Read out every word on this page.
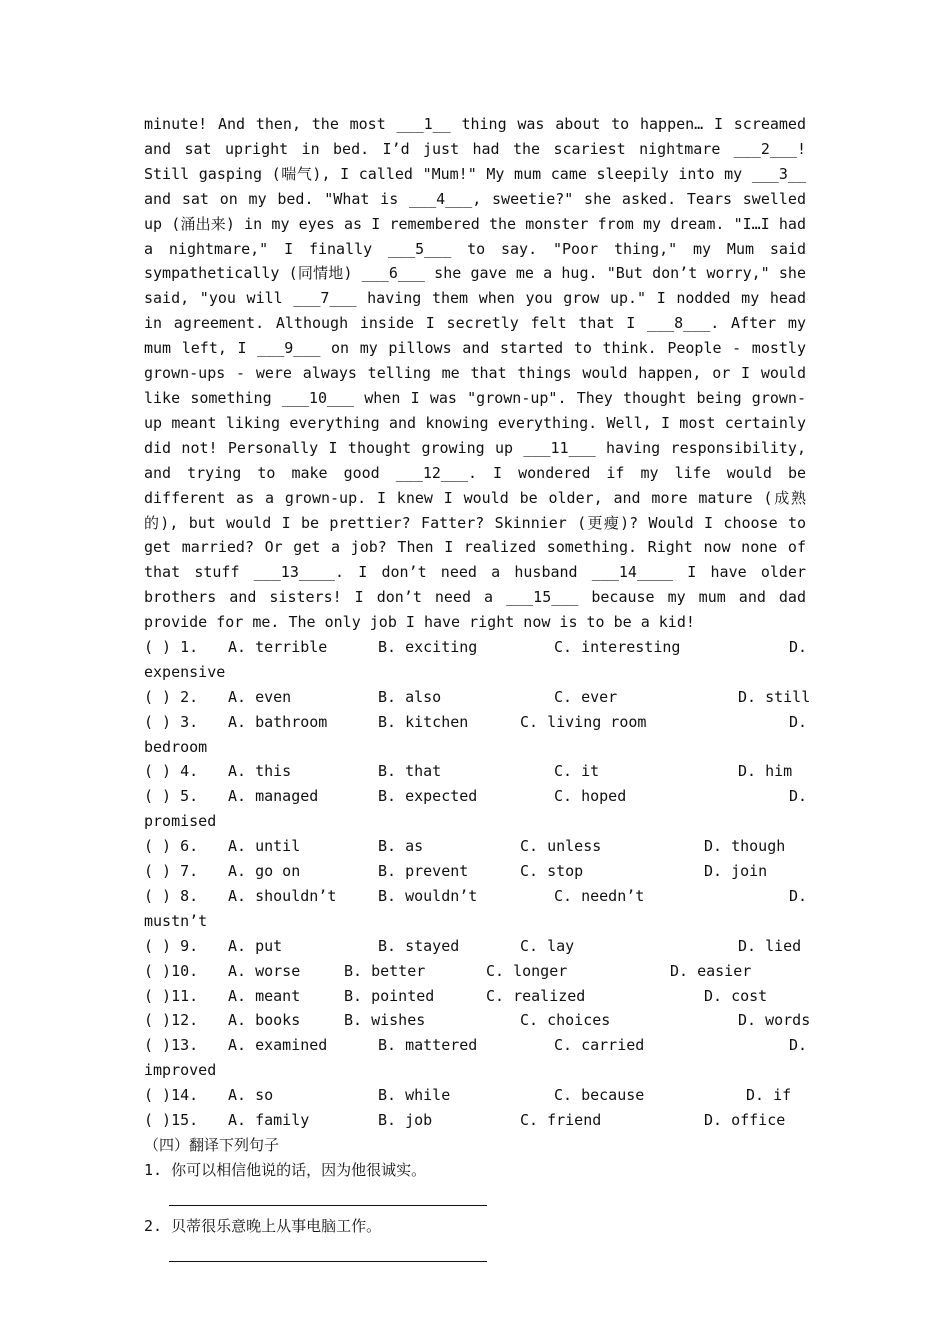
minute! And then, the most ___1__ thing was about to happen… I screamed and sat upright in bed. I’d just had the scariest nightmare ___2___! Still gasping (喘气), I called "Mum!" My mum came sleepily into my ___3__ and sat on my bed. "What is ___4___, sweetie?" she asked. Tears swelled up (涌出来) in my eyes as I remembered the monster from my dream. "I…I had a nightmare," I finally ___5___ to say. "Poor thing," my Mum said sympathetically (同情地) ___6___ she gave me a hug. "But don’t worry," she said, "you will ___7___ having them when you grow up." I nodded my head in agreement. Although inside I secretly felt that I ___8___. After my mum left, I ___9___ on my pillows and started to think. People - mostly grown-ups - were always telling me that things would happen, or I would like something ___10___ when I was "grown-up". They thought being grown-up meant liking everything and knowing everything. Well, I most certainly did not! Personally I thought growing up ___11___ having responsibility, and trying to make good ___12___. I wondered if my life would be different as a grown-up. I knew I would be older, and more mature (成熟的), but would I be prettier? Fatter? Skinnier (更瘦)? Would I choose to get married? Or get a job? Then I realized something. Right now none of that stuff ___13____. I don’t need a husband ___14____ I have older brothers and sisters! I don’t need a ___15___ because my mum and dad provide for me. The only job I have right now is to be a kid!

( ) 1. A. terrible	B. exciting	C. interesting	D.
expensive
( ) 2. A. even	B. also	C. ever	D. still
( ) 3. A. bathroom	B. kitchen	C. living room	D.
bedroom
( ) 4. A. this	B. that	C. it	D. him
( ) 5. A. managed	B. expected	C. hoped	D.
promised
( ) 6. A. until	B. as	C. unless	D. though
( ) 7. A. go on	B. prevent	C. stop	D. join
( ) 8. A. shouldn’t	B. wouldn’t	C. needn’t	D.
mustn’t
( ) 9. A. put	B. stayed	C. lay	D. lied
( )10. A. worse	B. better	C. longer	D. easier
( )11. A. meant	B. pointed	C. realized	D. cost
( )12. A. books	B. wishes	C. choices	D. words
( )13. A. examined	B. mattered	C. carried	D.
improved
( )14. A. so	B. while	C. because	D. if
( )15. A. family	B. job	C. friend	D. office
（四）翻译下列句子
1. 你可以相信他说的话，因为他很诚实。
2. 贝蒂很乐意晚上从事电脑工作。
